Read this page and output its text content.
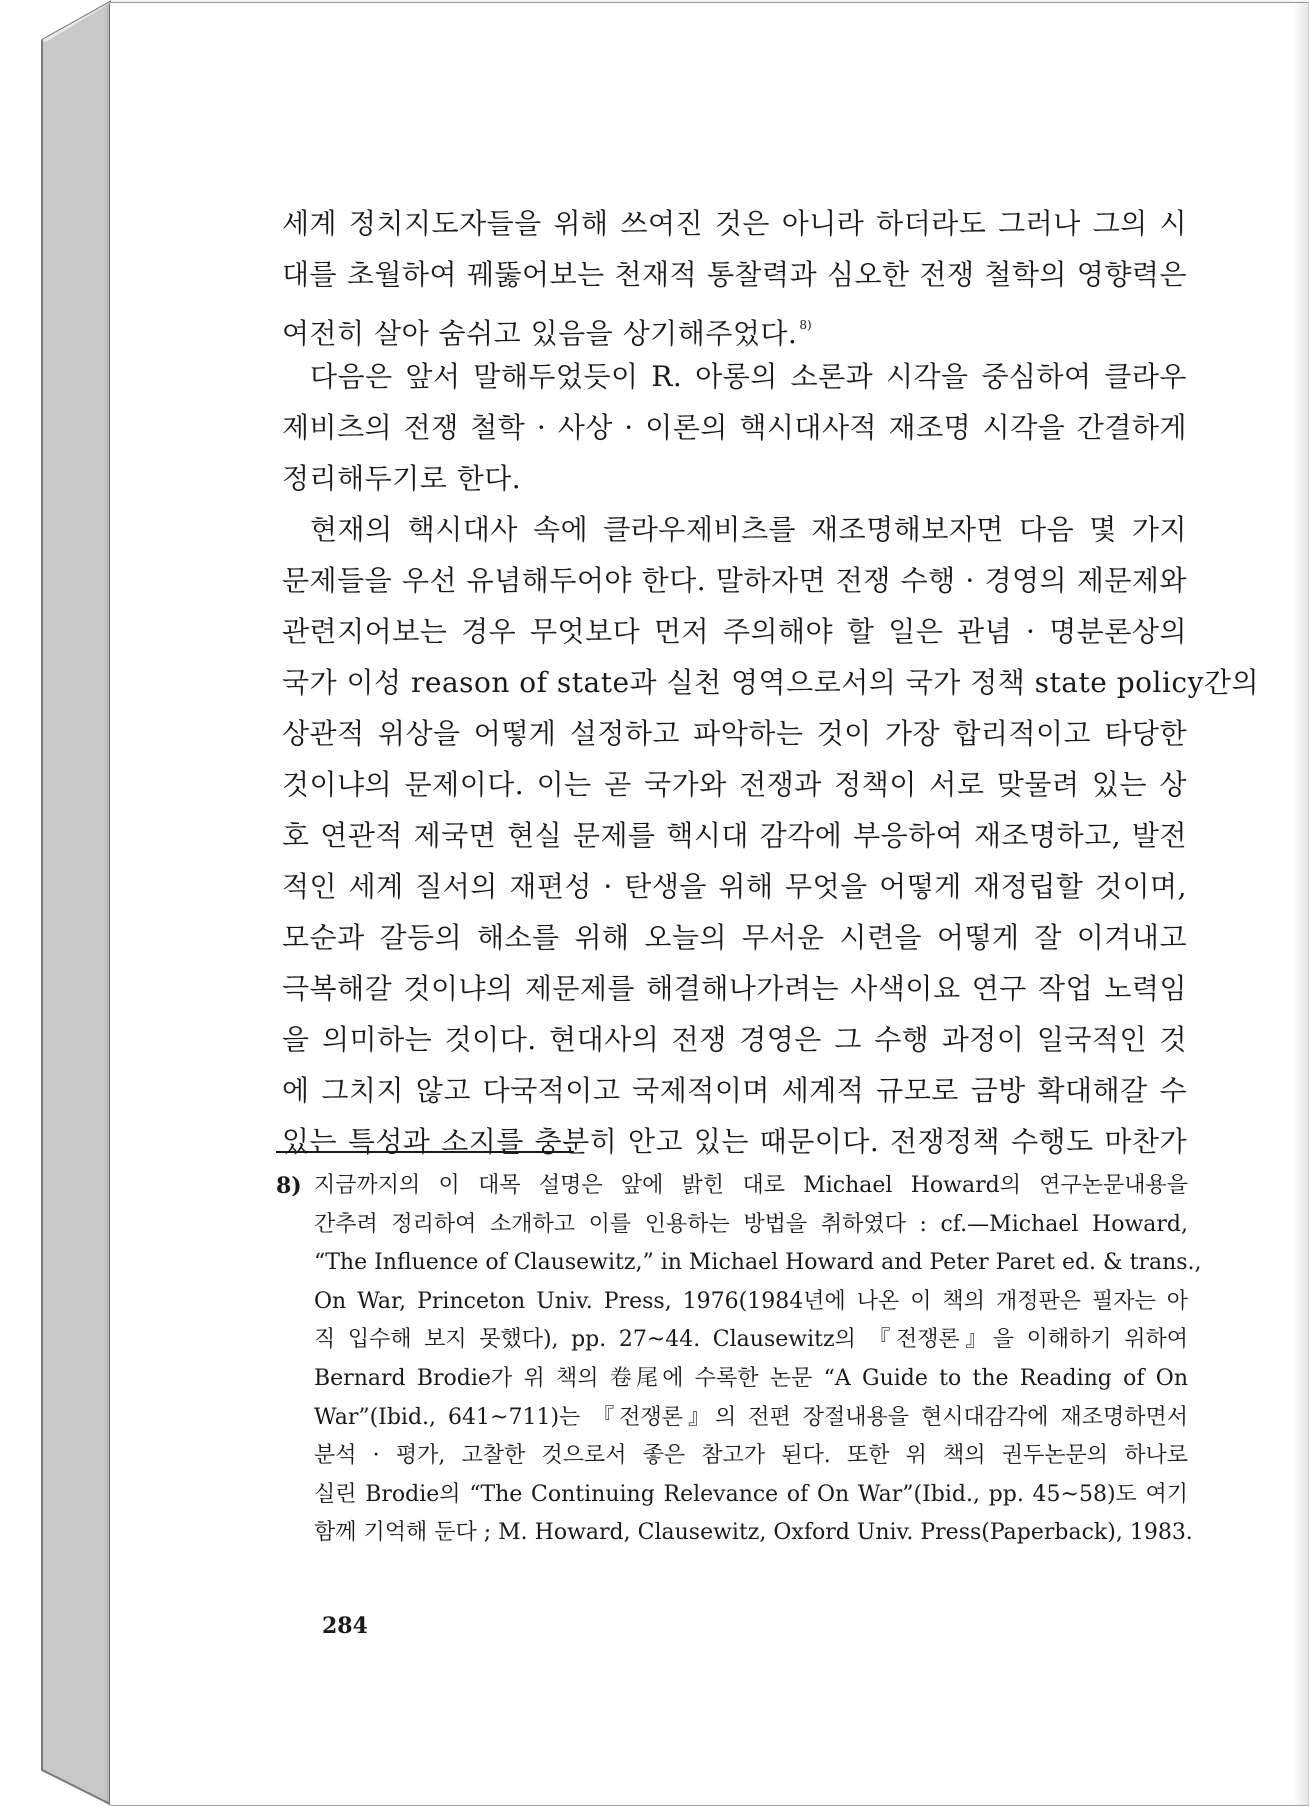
세계 정치지도자들을 위해 쓰여진 것은 아니라 하더라도 그러나 그의 시
대를 초월하여 꿰뚫어보는 천재적 통찰력과 심오한 전쟁 철학의 영향력은
여전히 살아 숨쉬고 있음을 상기해주었다. $^{8)}$
다음은 앞서 말해두었듯이 R. 아롱의 소론과 시각을 중심하여 클라우
제비츠의 전쟁 철학 · 사상 · 이론의 핵시대사적 재조명 시각을 간결하게
정리해두기로 한다.
현재의 핵시대사 속에 클라우제비츠를 재조명해보자면 다음 몇 가지
문제들을 우선 유념해두어야 한다. 말하자면 전쟁 수행 · 경영의 제문제와
관련지어보는 경우 무엇보다 먼저 주의해야 할 일은 관념 · 명분론상의
국가 이성 reason of state과 실천 영역으로서의 국가 정책 state policy간의
상관적 위상을 어떻게 설정하고 파악하는 것이 가장 합리적이고 타당한
것이냐의 문제이다. 이는 곧 국가와 전쟁과 정책이 서로 맞물려 있는 상
호 연관적 제국면 현실 문제를 핵시대 감각에 부응하여 재조명하고, 발전
적인 세계 질서의 재편성 · 탄생을 위해 무엇을 어떻게 재정립할 것이며,
모순과 갈등의 해소를 위해 오늘의 무서운 시련을 어떻게 잘 이겨내고
극복해갈 것이냐의 제문제를 해결해나가려는 사색이요 연구 작업 노력임
을 의미하는 것이다. 현대사의 전쟁 경영은 그 수행 과정이 일국적인 것
에 그치지 않고 다국적이고 국제적이며 세계적 규모로 금방 확대해갈 수
있는 특성과 소지를 충분히 안고 있는 때문이다. 전쟁정책 수행도 마찬가
8) 지금까지의 이 대목 설명은 앞에 밝힌 대로 Michael Howard의 연구논문내용을
간추려 정리하여 소개하고 이를 인용하는 방법을 취하였다 : cf.—Michael Howard,
“The Influence of Clausewitz,” in Michael Howard and Peter Paret ed. & trans.,
On War, Princeton Univ. Press, 1976(1984년에 나온 이 책의 개정판은 필자는 아
직 입수해 보지 못했다), pp. 27~44. Clausewitz의 『전쟁론』을 이해하기 위하여
Bernard Brodie가 위 책의 卷尾에 수록한 논문 “A Guide to the Reading of On
War”(Ibid., 641~711)는 『전쟁론』의 전편 장절내용을 현시대감각에 재조명하면서
분석 · 평가, 고찰한 것으로서 좋은 참고가 된다. 또한 위 책의 권두논문의 하나로
실린 Brodie의 “The Continuing Relevance of On War”(Ibid., pp. 45~58)도 여기
함께 기억해 둔다 ; M. Howard, Clausewitz, Oxford Univ. Press(Paperback), 1983.
284
